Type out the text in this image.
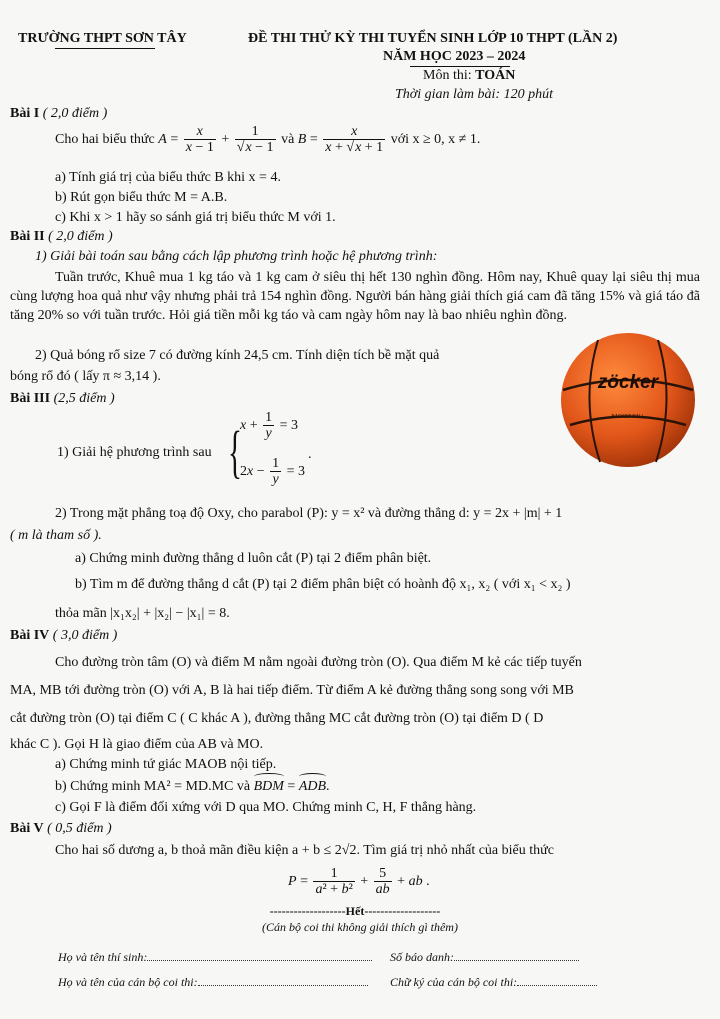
TRƯỜNG THPT SƠN TÂY	ĐỀ THI THỬ KỲ THI TUYỂN SINH LỚP 10 THPT (LẦN 2)
NĂM HỌC 2023 – 2024
Môn thi: TOÁN
Thời gian làm bài: 120 phút
Bài I ( 2,0 điểm )
Cho hai biểu thức $A = \frac{x}{x - 1} + \frac{1}{√x - 1}$ và $B = \frac{x}{x + √x + 1}$ với x ≥ 0, x ≠ 1.
a) Tính giá trị của biểu thức B khi x = 4.
b) Rút gọn biểu thức M = A.B.
c) Khi x > 1 hãy so sánh giá trị biểu thức M với 1.
Bài II ( 2,0 điểm )
1) Giải bài toán sau bằng cách lập phương trình hoặc hệ phương trình:
Tuần trước, Khuê mua 1 kg táo và 1 kg cam ở siêu thị hết 130 nghìn đồng. Hôm nay, Khuê quay lại siêu thị mua cùng lượng hoa quả như vậy nhưng phải trả 154 nghìn đồng. Người bán hàng giải thích giá cam đã tăng 15% và giá táo đã tăng 20% so với tuần trước. Hỏi giá tiền mỗi kg táo và cam ngày hôm nay là bao nhiêu nghìn đồng.
2) Quả bóng rổ size 7 có đường kính 24,5 cm. Tính diện tích bề mặt quả
bóng rổ đó ( lấy π ≈ 3,14 ).	zöcker
BASKET BALL
Bài III (2,5 điểm )
1) Giải hệ phương trình sau {
$x + \frac{1}{y} = 3$
$2x - \frac{1}{y} = 3$
.
2) Trong mặt phẳng toạ độ Oxy, cho parabol (P): y = x² và đường thẳng d: y = 2x + |m| + 1
( m là tham số ).
a) Chứng minh đường thẳng d luôn cắt (P) tại 2 điểm phân biệt.
b) Tìm m để đường thẳng d cắt (P) tại 2 điểm phân biệt có hoành độ x₁, x₂ ( với x₁ < x₂ )
thỏa mãn |x₁x₂| + |x₂| − |x₁| = 8.
Bài IV ( 3,0 điểm )
Cho đường tròn tâm (O) và điểm M nằm ngoài đường tròn (O). Qua điểm M kẻ các tiếp tuyến
MA, MB tới đường tròn (O) với A, B là hai tiếp điểm. Từ điểm A kẻ đường thẳng song song với MB
cắt đường tròn (O) tại điểm C ( C khác A ), đường thẳng MC cắt đường tròn (O) tại điểm D ( D
khác C ). Gọi H là giao điểm của AB và MO.
a) Chứng minh tứ giác MAOB nội tiếp.
b) Chứng minh MA² = MD.MC và BDM = ADB.
c) Gọi F là điểm đối xứng với D qua MO. Chứng minh C, H, F thẳng hàng.
Bài V ( 0,5 điểm )
Cho hai số dương a, b thoả mãn điều kiện a + b ≤ 2√2. Tìm giá trị nhỏ nhất của biểu thức
$P = \frac{1}{\text{a² + b²}} + \frac{5}{ab}$ + ab .
-------------------Hết-------------------
(Cán bộ coi thi không giải thích gì thêm)
Họ và tên thí sinh:	Số báo danh:
Họ và tên của cán bộ coi thi:	Chữ ký của cán bộ coi thi:
